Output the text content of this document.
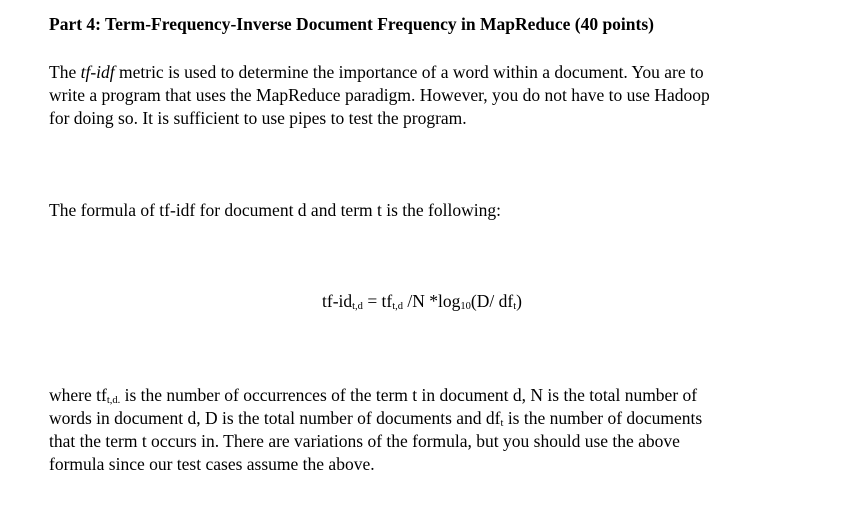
Part 4: Term-Frequency-Inverse Document Frequency in MapReduce (40 points)
The tf-idf metric is used to determine the importance of a word within a document. You are to
write a program that uses the MapReduce paradigm. However, you do not have to use Hadoop
for doing so. It is sufficient to use pipes to test the program.
The formula of tf-idf for document d and term t is the following:
$tf-id_{t,d} = tf_{t,d}$ /N $*\log_{10}(D/$ $df_t$)
where $tf_{t,d.}$ is the number of occurrences of the term t in document d, N is the total number of
words in document d, D is the total number of documents and $df_t$ is the number of documents
that the term t occurs in. There are variations of the formula, but you should use the above
formula since our test cases assume the above.
